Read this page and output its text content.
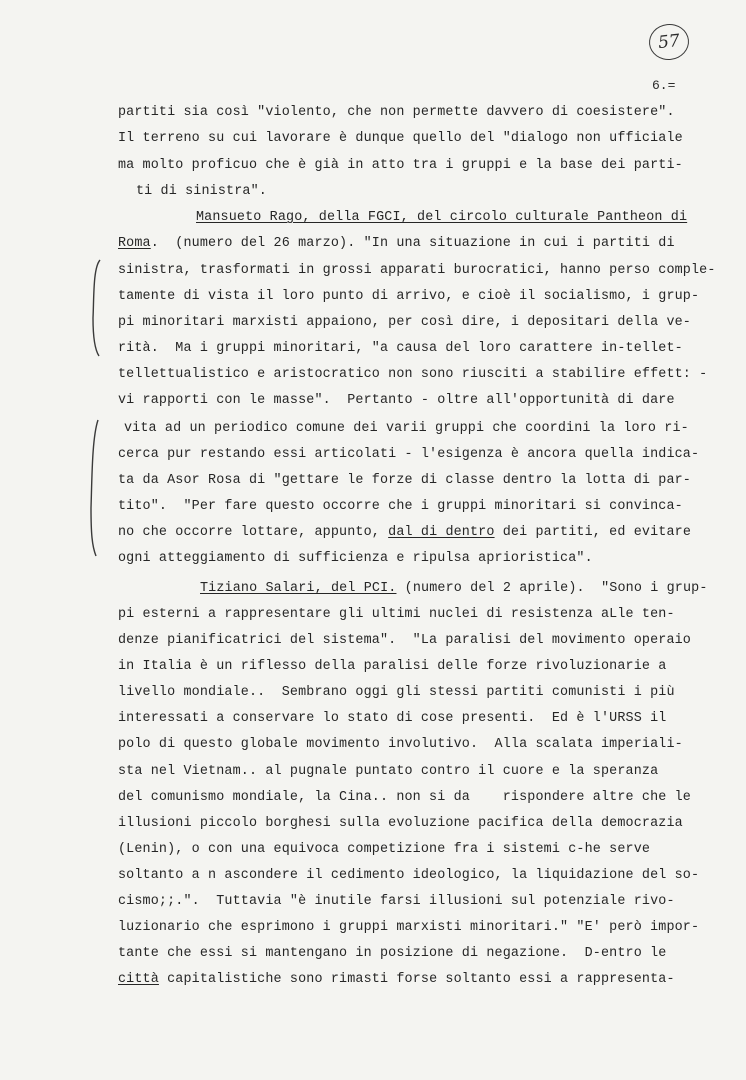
57
6.=
partiti sia così "violento, che non permette davvero di coesistere".
Il terreno su cui lavorare è dunque quello del "dialogo non ufficiale
ma molto proficuo che è già in atto tra i gruppi e la base dei parti-
ti di sinistra".
Mansueto Rago, della FGCI, del circolo culturale Pantheon di
Roma.  (numero del 26 marzo). "In una situazione in cui i partiti di
sinistra, trasformati in grossi apparati burocratici, hanno perso comple-
tamente di vista il loro punto di arrivo, e cioè il socialismo, i grup-
pi minoritari marxisti appaiono, per così dire, i depositari della ve-
rità.  Ma i gruppi minoritari, "a causa del loro carattere in-tellet-
tellettualistico e aristocratico non sono riusciti a stabilire effett: -
vi rapporti con le masse".  Pertanto - oltre all'opportunità di dare
vita ad un periodico comune dei varii gruppi che coordini la loro ri-
cerca pur restando essi articolati - l'esigenza è ancora quella indica-
ta da Asor Rosa di "gettare le forze di classe dentro la lotta di par-
tito".  "Per fare questo occorre che i gruppi minoritari si convinca-
no che occorre lottare, appunto, dal di dentro dei partiti, ed evitare
ogni atteggiamento di sufficienza e ripulsa aprioristica".
Tiziano Salari, del PCI. (numero del 2 aprile).  "Sono i grup-
pi esterni a rappresentare gli ultimi nuclei di resistenza aLle ten-
denze pianificatrici del sistema".  "La paralisi del movimento operaio
in Italia è un riflesso della paralisi delle forze rivoluzionarie a
livello mondiale..  Sembrano oggi gli stessi partiti comunisti i più
interessati a conservare lo stato di cose presenti.  Ed è l'URSS il
polo di questo globale movimento involutivo.  Alla scalata imperiali-
sta nel Vietnam.. al pugnale puntato contro il cuore e la speranza
del comunismo mondiale, la Cina.. non si da    rispondere altre che le
illusioni piccolo borghesi sulla evoluzione pacifica della democrazia
(Lenin), o con una equivoca competizione fra i sistemi c-he serve
soltanto a n ascondere il cedimento ideologico, la liquidazione del so-
cismo;;.".  Tuttavia "è inutile farsi illusioni sul potenziale rivo-
luzionario che esprimono i gruppi marxisti minoritari." "E' però impor-
tante che essi si mantengano in posizione di negazione.  D-entro le
città capitalistiche sono rimasti forse soltanto essi a rappresenta-
